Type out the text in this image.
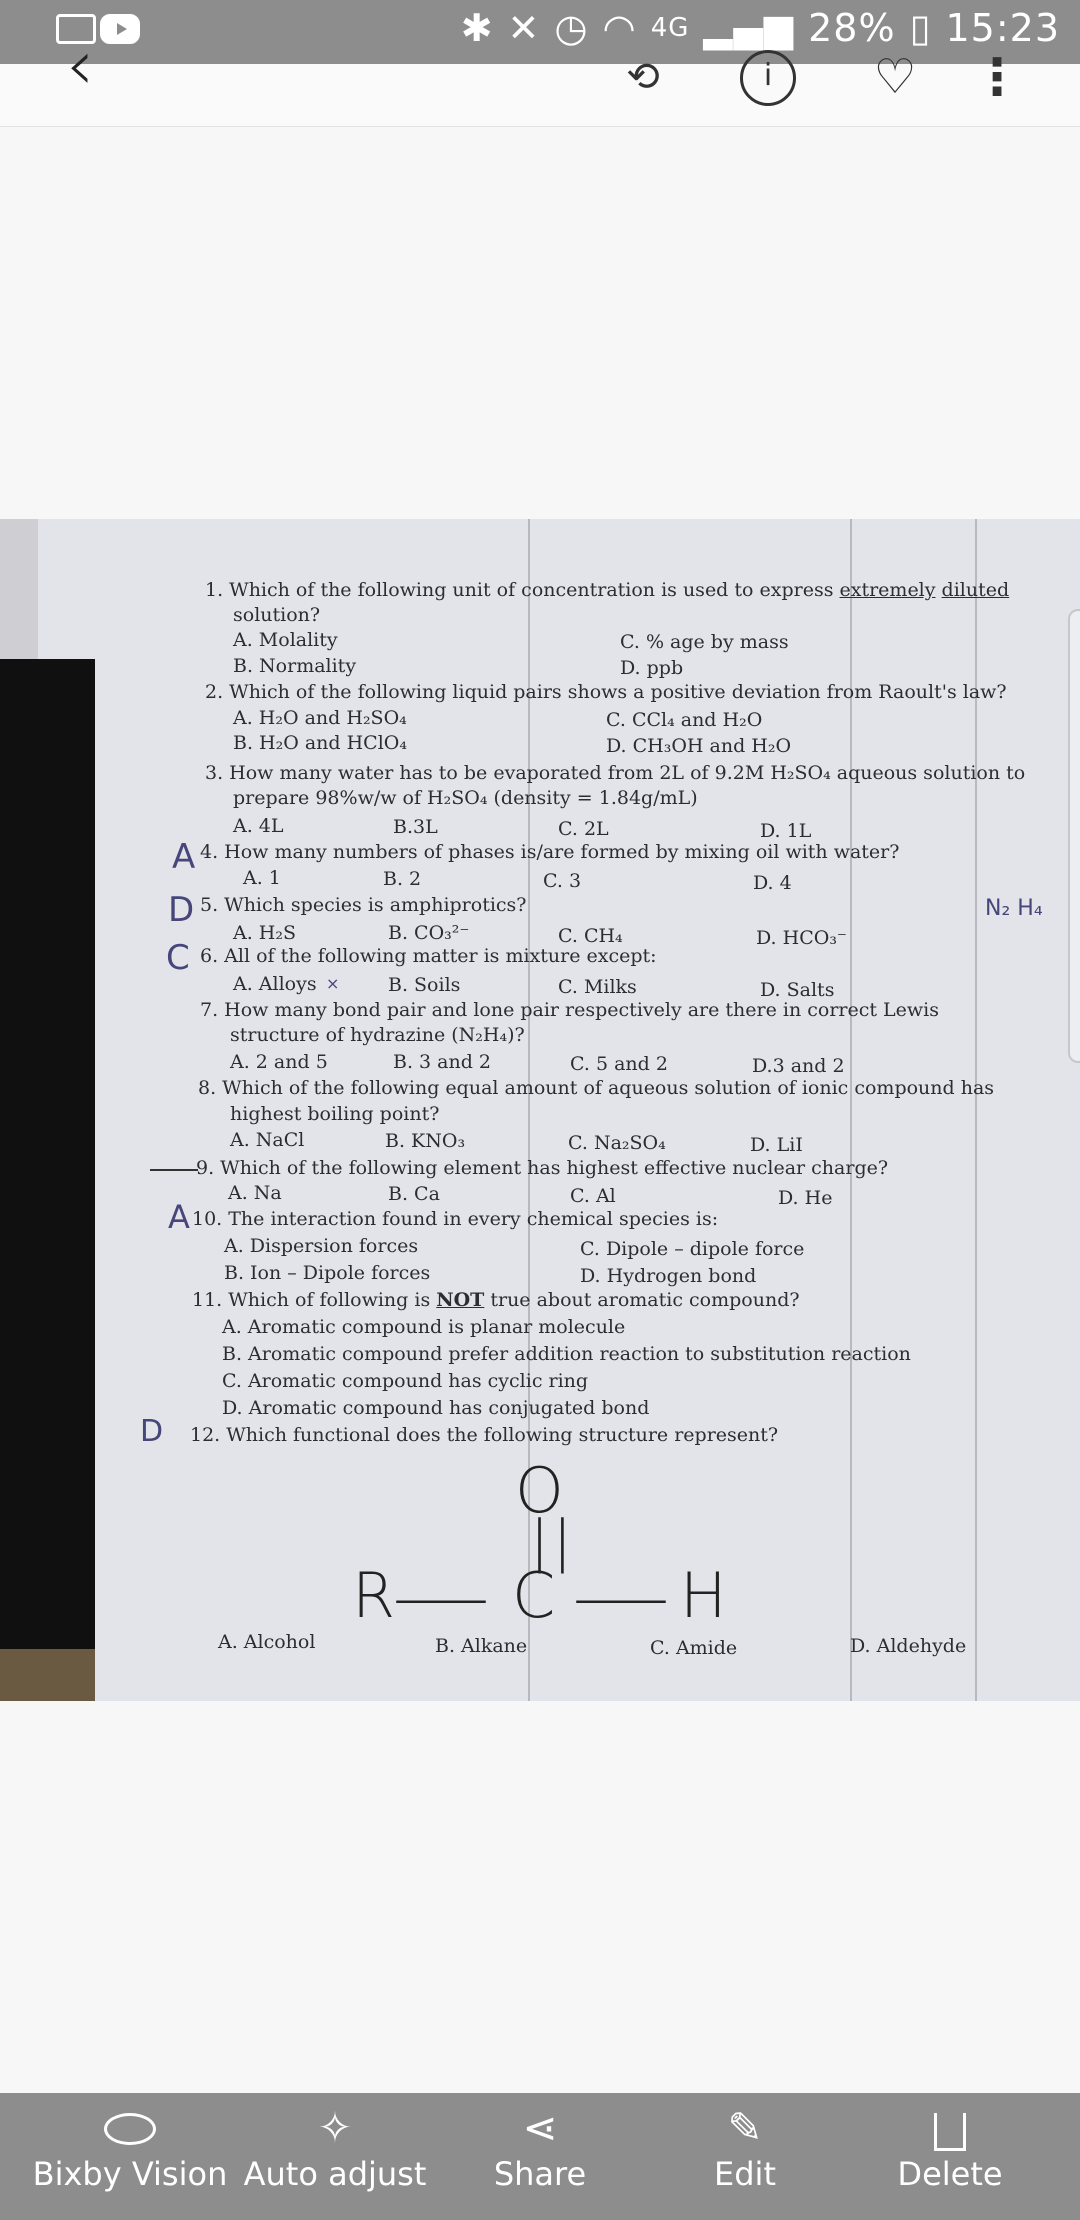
✱ ✕ ◷ ◠ 4G ▂▄▆ 28% ▯ 15:23
‹	⟲	i	♡ ⋮
1. Which of the following unit of concentration is used to express extremely diluted
solution?
A. Molality
B. Normality
C. % age by mass
D. ppb
2. Which of the following liquid pairs shows a positive deviation from Raoult's law?
A. H₂O and H₂SO₄
B. H₂O and HClO₄
C. CCl₄ and H₂O
D. CH₃OH and H₂O
3. How many water has to be evaporated from 2L of 9.2M H₂SO₄ aqueous solution to
prepare 98%w/w of H₂SO₄ (density = 1.84g/mL)
A. 4L	B.3L	C. 2L	D. 1L
A 4. How many numbers of phases is/are formed by mixing oil with water?
A. 1	B. 2	C. 3	D. 4
D 5. Which species is amphiprotics?
A. H₂S	B. CO₃²⁻	C. CH₄	D. HCO₃⁻
N₂ H₄
C 6. All of the following matter is mixture except:
A. Alloys ×	B. Soils	C. Milks	D. Salts
7. How many bond pair and lone pair respectively are there in correct Lewis
structure of hydrazine (N₂H₄)?
A. 2 and 5	B. 3 and 2	C. 5 and 2	D.3 and 2
8. Which of the following equal amount of aqueous solution of ionic compound has
highest boiling point?
A. NaCl	B. KNO₃	C. Na₂SO₄	D. LiI
9. Which of the following element has highest effective nuclear charge?
A. Na	B. Ca	C. Al	D. He
A 10. The interaction found in every chemical species is:
A. Dispersion forces
B. Ion – Dipole forces
C. Dipole – dipole force
D. Hydrogen bond
11. Which of following is NOT true about aromatic compound?
A. Aromatic compound is planar molecule
B. Aromatic compound prefer addition reaction to substitution reaction
C. Aromatic compound has cyclic ring
D. Aromatic compound has conjugated bond
D 12. Which functional does the following structure represent?
O
||
R
— C — H
A. Alcohol	B. Alkane	C. Amide	D. Aldehyde
Bixby Vision
✧
Auto adjust
⋖
Share
✎
Edit	Delete
